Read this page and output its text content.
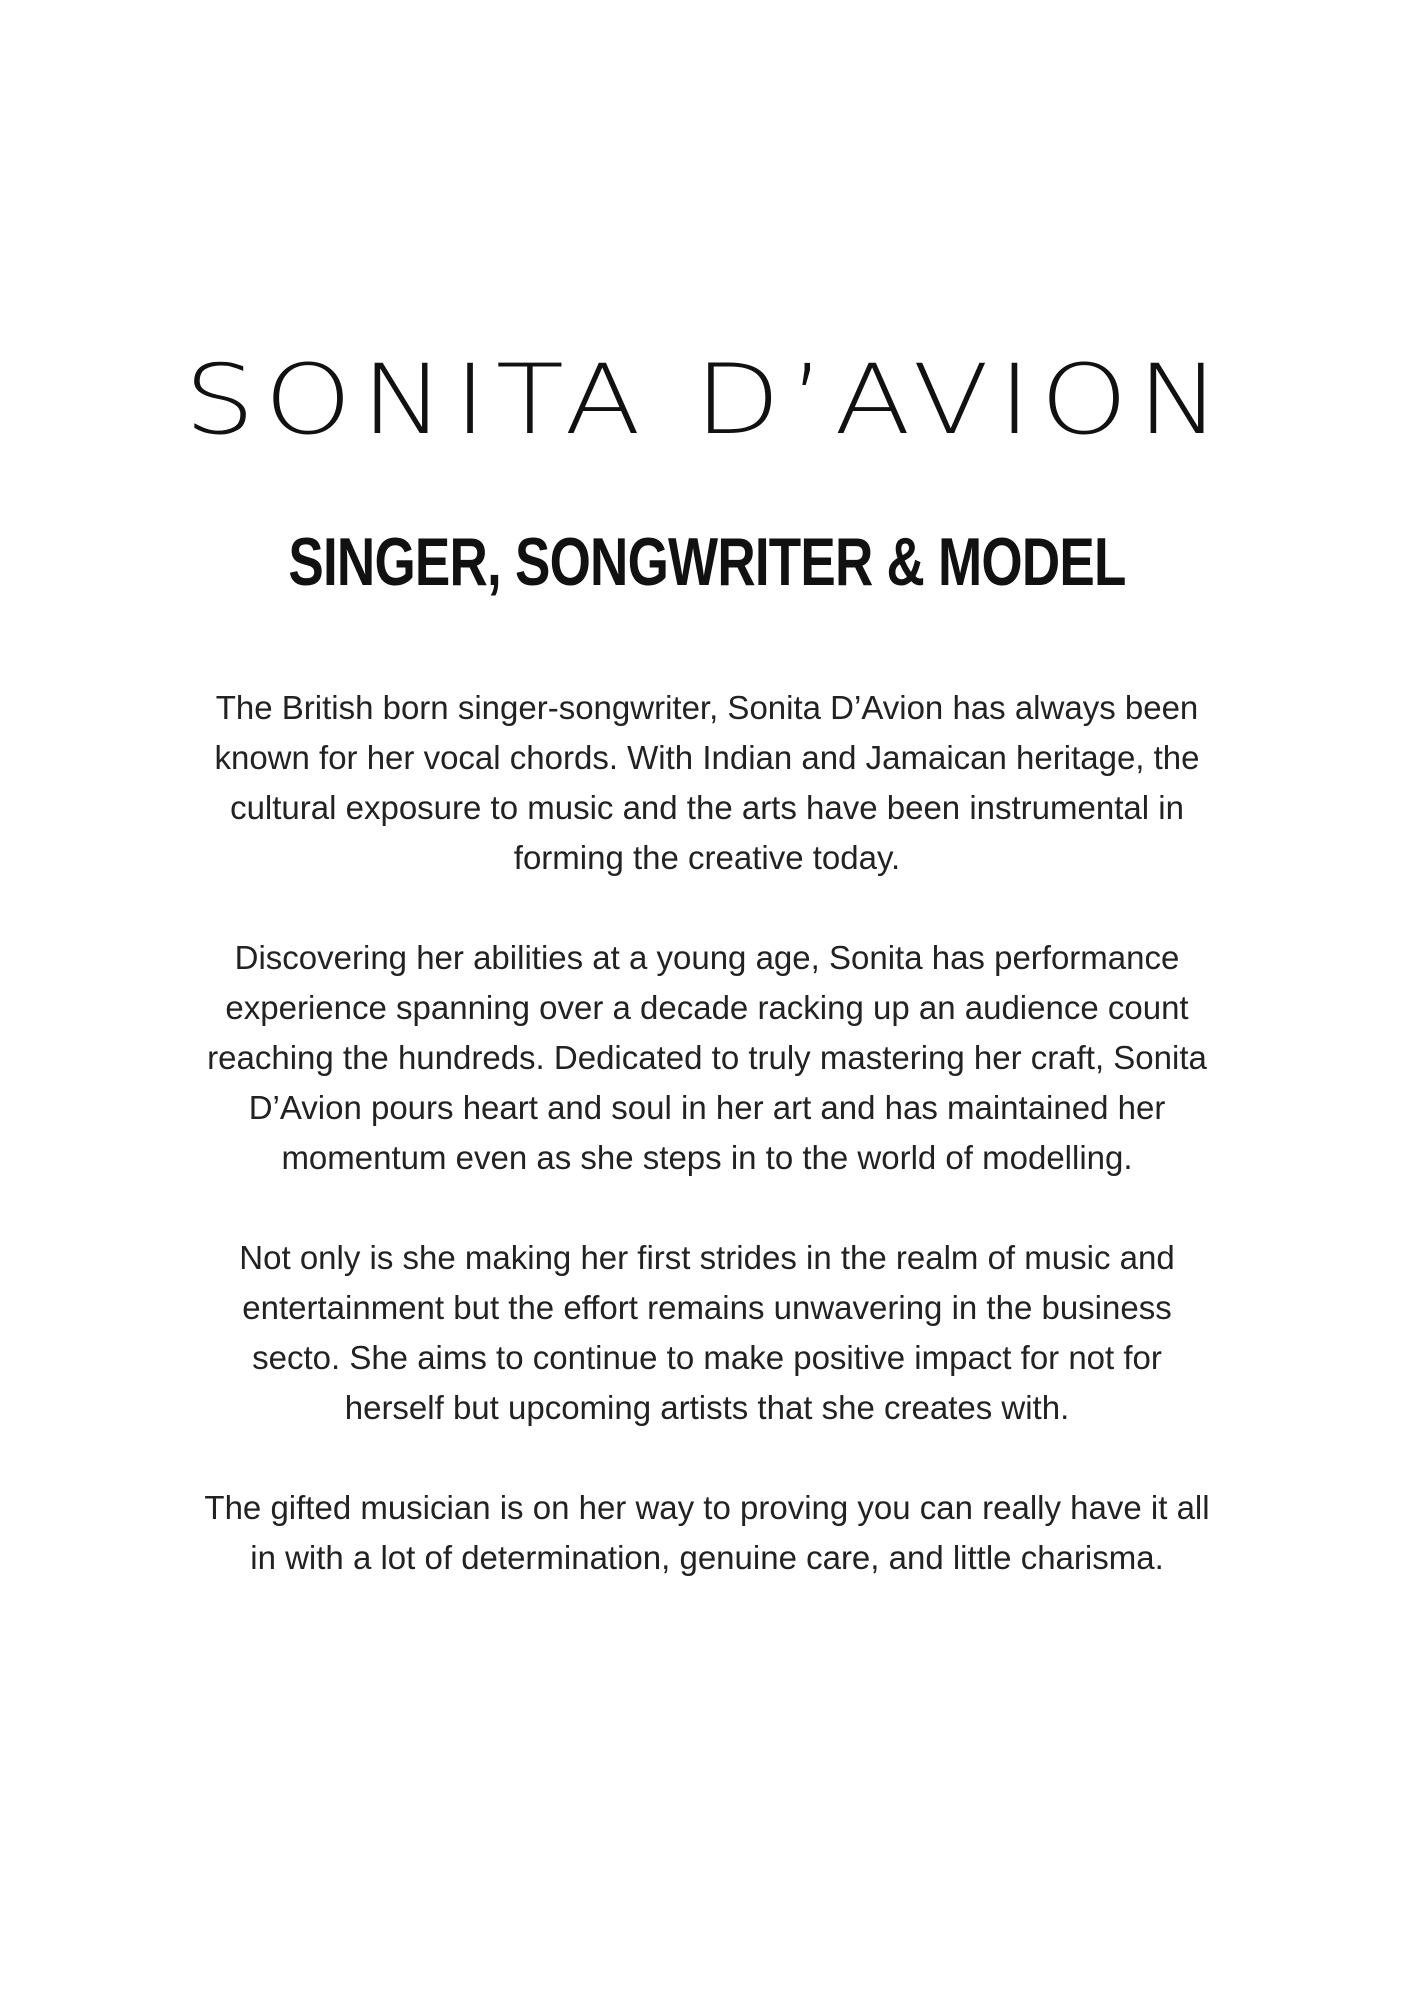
SONITA D’AVION
SINGER, SONGWRITER & MODEL

The British born singer-songwriter, Sonita D’Avion has always been
known for her vocal chords. With Indian and Jamaican heritage, the
cultural exposure to music and the arts have been instrumental in
forming the creative today.

Discovering her abilities at a young age, Sonita has performance
experience spanning over a decade racking up an audience count
reaching the hundreds. Dedicated to truly mastering her craft, Sonita
D’Avion pours heart and soul in her art and has maintained her
momentum even as she steps in to the world of modelling.

Not only is she making her first strides in the realm of music and
entertainment but the effort remains unwavering in the business
secto. She aims to continue to make positive impact for not for
herself but upcoming artists that she creates with.

The gifted musician is on her way to proving you can really have it all
in with a lot of determination, genuine care, and little charisma.
